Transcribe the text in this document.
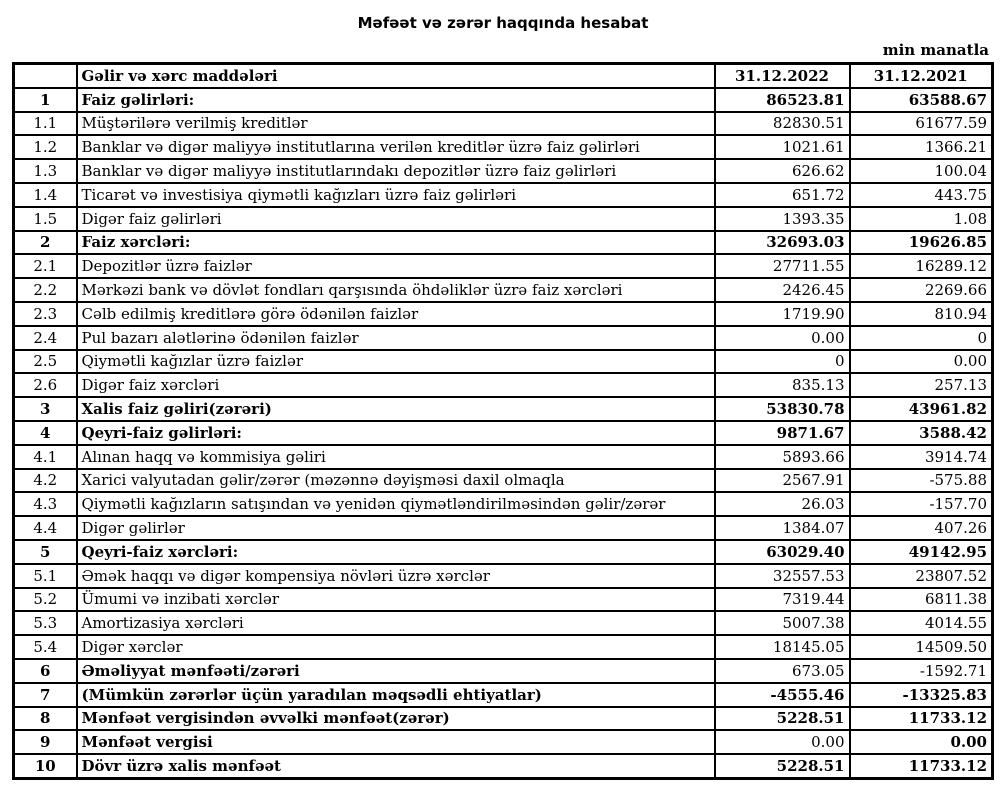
Məfəət və zərər haqqında hesabat
min manatla
	Gəlir və xərc maddələri	31.12.2022	31.12.2021
1	Faiz gəlirləri:	86523.81	63588.67
1.1	Müştərilərə verilmiş kreditlər	82830.51	61677.59
1.2	Banklar və digər maliyyə institutlarına verilən kreditlər üzrə faiz gəlirləri	1021.61	1366.21
1.3	Banklar və digər maliyyə institutlarındakı depozitlər üzrə faiz gəlirləri	626.62	100.04
1.4	Ticarət və investisiya qiymətli kağızları üzrə faiz gəlirləri	651.72	443.75
1.5	Digər faiz gəlirləri	1393.35	1.08
2	Faiz xərcləri:	32693.03	19626.85
2.1	Depozitlər üzrə faizlər	27711.55	16289.12
2.2	Mərkəzi bank və dövlət fondları qarşısında öhdəliklər üzrə faiz xərcləri	2426.45	2269.66
2.3	Cəlb edilmiş kreditlərə görə ödənilən faizlər	1719.90	810.94
2.4	Pul bazarı alətlərinə ödənilən faizlər	0.00	0
2.5	Qiymətli kağızlar üzrə faizlər	0	0.00
2.6	Digər faiz xərcləri	835.13	257.13
3	Xalis faiz gəliri(zərəri)	53830.78	43961.82
4	Qeyri-faiz gəlirləri:	9871.67	3588.42
4.1	Alınan haqq və kommisiya gəliri	5893.66	3914.74
4.2	Xarici valyutadan gəlir/zərər (məzənnə dəyişməsi daxil olmaqla	2567.91	-575.88
4.3	Qiymətli kağızların satışından və yenidən qiymətləndirilməsindən gəlir/zərər	26.03	-157.70
4.4	Digər gəlirlər	1384.07	407.26
5	Qeyri-faiz xərcləri:	63029.40	49142.95
5.1	Əmək haqqı və digər kompensiya növləri üzrə xərclər	32557.53	23807.52
5.2	Ümumi və inzibati xərclər	7319.44	6811.38
5.3	Amortizasiya xərcləri	5007.38	4014.55
5.4	Digər xərclər	18145.05	14509.50
6	Əməliyyat mənfəəti/zərəri	673.05	-1592.71
7	(Mümkün zərərlər üçün yaradılan məqsədli ehtiyatlar)	-4555.46	-13325.83
8	Mənfəət vergisindən əvvəlki mənfəət(zərər)	5228.51	11733.12
9	Mənfəət vergisi	0.00	0.00
10	Dövr üzrə xalis mənfəət	5228.51	11733.12
